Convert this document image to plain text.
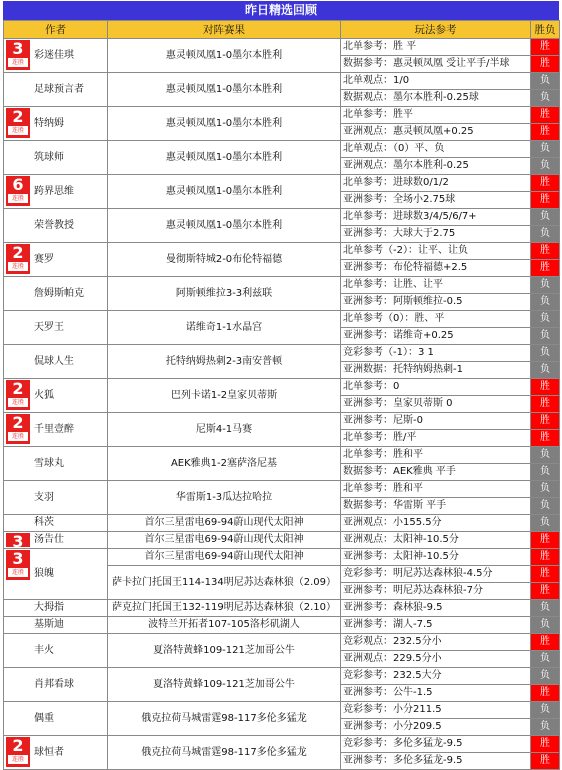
昨日精选回顾
作者	对阵赛果	玩法参考	胜负

3
连胜
彩迷佳琪	惠灵顿凤凰1-0墨尔本胜利	北单参考：胜 平	胜
		数据参考：惠灵顿凤凰 受让平手/半球	胜
足球预言者	惠灵顿凤凰1-0墨尔本胜利	北单观点：1/0	负
		数据观点：墨尔本胜利-0.25球	负

2
连胜
特纳姆	惠灵顿凤凰1-0墨尔本胜利	北单参考：胜平	胜
		亚洲观点：惠灵顿凤凰+0.25	胜
筑球师	惠灵顿凤凰1-0墨尔本胜利	北单观点：（0）平、负	负
		亚洲观点：墨尔本胜利-0.25	负

6
连胜
跨界思维	惠灵顿凤凰1-0墨尔本胜利	北单参考：进球数0/1/2	胜
		亚洲参考：全场小2.75球	胜
荣誉教授	惠灵顿凤凰1-0墨尔本胜利	北单参考：进球数3/4/5/6/7+	负
		亚洲参考：大球大于2.75	负

2
连胜
赛罗	曼彻斯特城2-0布伦特福德	北单参考（-2）：让平、让负	胜
		亚洲参考：布伦特福德+2.5	胜
詹姆斯帕克	阿斯顿维拉3-3利兹联	北单参考：让胜、让平	负
		亚洲参考：阿斯顿维拉-0.5	负
天罗王	诺维奇1-1水晶宫	北单参考（0）：胜、平	负
		亚洲参考：诺维奇+0.25	负
侃球人生	托特纳姆热刺2-3南安普顿	竞彩参考（-1）：3 1	负
		亚洲数据：托特纳姆热刺-1	负

2
连胜
火狐	巴列卡诺1-2皇家贝蒂斯	北单参考：0	胜
		亚洲参考：皇家贝蒂斯 0	胜

2
连胜
千里壹醉	尼斯4-1马赛	亚洲参考：尼斯-0	胜
		北单参考：胜/平	胜
雪球丸	AEK雅典1-2塞萨洛尼基	北单参考：胜和平	负
		数据参考：AEK雅典 平手	负
支羽	华雷斯1-3瓜达拉哈拉	北单参考：胜和平	负
		数据参考：华雷斯 平手	负
科茨	首尔三星雷电69-94蔚山现代太阳神	亚洲观点：小155.5分	负

3 汤告仕	首尔三星雷电69-94蔚山现代太阳神	亚洲观点：太阳神-10.5分	胜

3
连胜 狼魄	首尔三星雷电69-94蔚山现代太阳神	亚洲参考：太阳神-10.5分	胜
	萨卡拉门托国王114-134明尼苏达森林狼（2.09）	竞彩参考：明尼苏达森林狼-4.5分	胜
		亚洲参考：明尼苏达森林狼-7分	胜
大拇指	萨克拉门托国王132-119明尼苏达森林狼（2.10）	亚洲参考：森林狼-9.5	负
基斯迪	波特兰开拓者107-105洛杉矶湖人	亚洲参考：湖人-7.5	负
丰火	夏洛特黄蜂109-121芝加哥公牛	竞彩观点：232.5分小	胜
		亚洲观点：229.5分小	负
肖邦看球	夏洛特黄蜂109-121芝加哥公牛	竞彩参考：232.5大分	负
		亚洲参考：公牛-1.5	胜
偶重	俄克拉荷马城雷霆98-117多伦多猛龙	竞彩参考：小分211.5	负
		亚洲参考：小分209.5	负

2
连胜
球恒者	俄克拉荷马城雷霆98-117多伦多猛龙	竞彩参考：多伦多猛龙-9.5	胜
		亚洲参考：多伦多猛龙-9.5	胜
